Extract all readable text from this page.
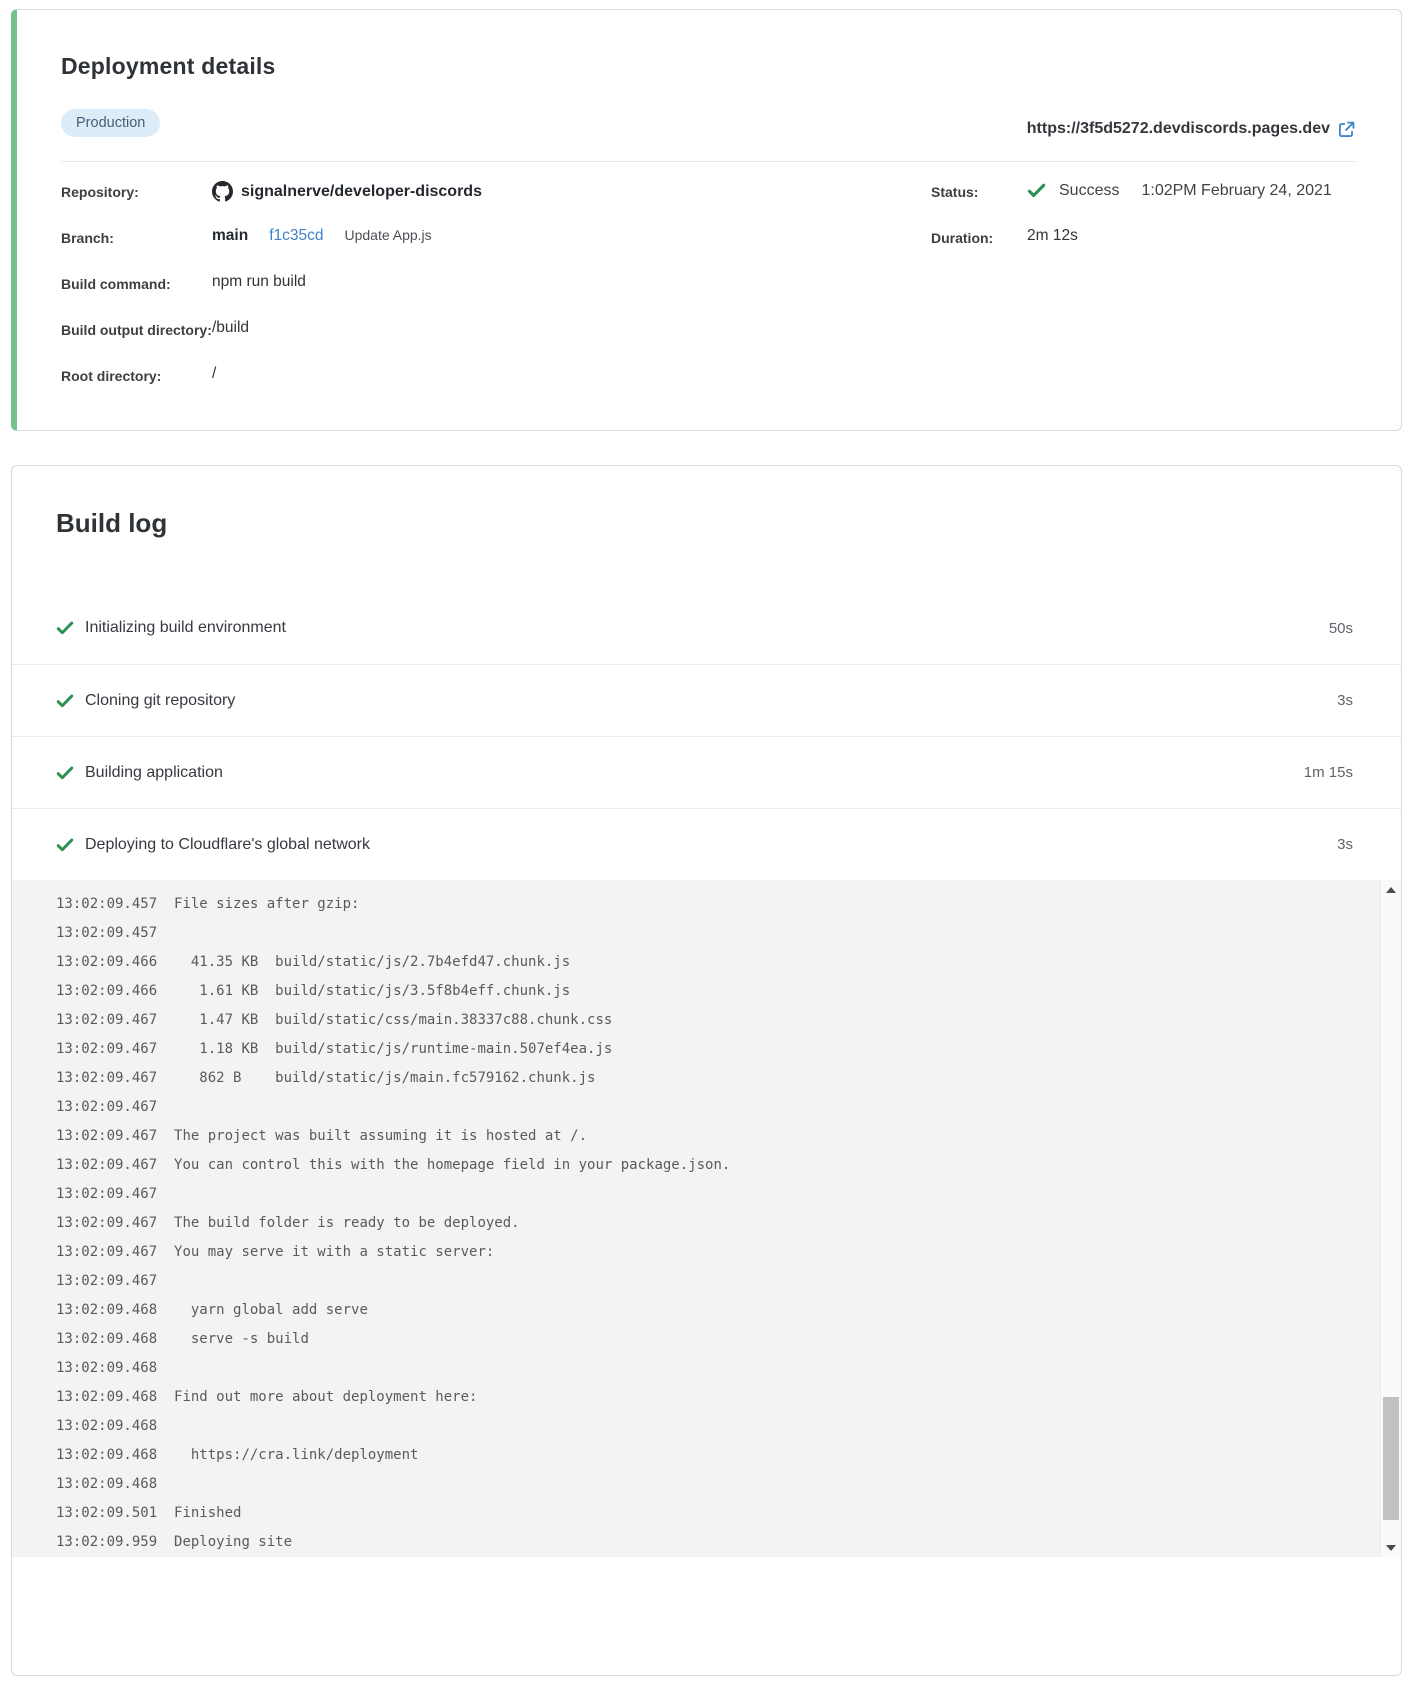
Deployment details
Production	https://3f5d5272.devdiscords.pages.dev
Repository:	signalnerve/developer-discords
Branch:	main f1c35cd Update App.js
Build command:	npm run build
Build output directory: /build
Root directory:	/
Status:	Success 1:02PM February 24, 2021
Duration:	2m 12s
Build log
Initializing build environment	50s
Cloning git repository	3s
Building application	1m 15s
Deploying to Cloudflare's global network	3s
13:02:09.457  File sizes after gzip:
13:02:09.457
13:02:09.466    41.35 KB  build/static/js/2.7b4efd47.chunk.js
13:02:09.466     1.61 KB  build/static/js/3.5f8b4eff.chunk.js
13:02:09.467     1.47 KB  build/static/css/main.38337c88.chunk.css
13:02:09.467     1.18 KB  build/static/js/runtime-main.507ef4ea.js
13:02:09.467     862 B    build/static/js/main.fc579162.chunk.js
13:02:09.467
13:02:09.467  The project was built assuming it is hosted at /.
13:02:09.467  You can control this with the homepage field in your package.json.
13:02:09.467
13:02:09.467  The build folder is ready to be deployed.
13:02:09.467  You may serve it with a static server:
13:02:09.467
13:02:09.468    yarn global add serve
13:02:09.468    serve -s build
13:02:09.468
13:02:09.468  Find out more about deployment here:
13:02:09.468
13:02:09.468    https://cra.link/deployment
13:02:09.468
13:02:09.501  Finished
13:02:09.959  Deploying site
